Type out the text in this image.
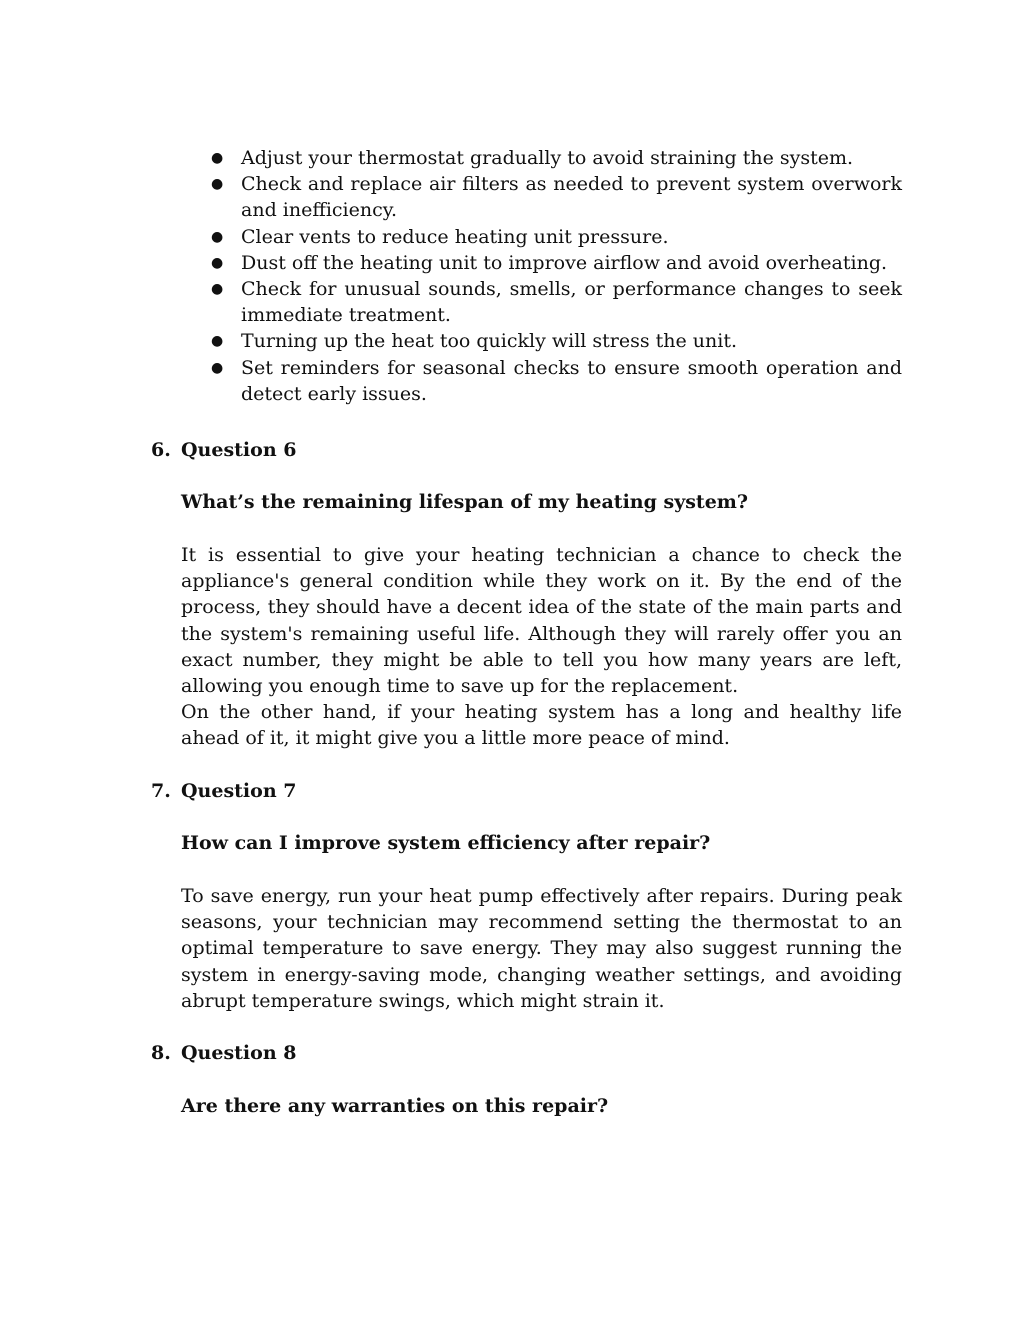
● Adjust your thermostat gradually to avoid straining the system.
● Check and replace air filters as needed to prevent system overwork and inefficiency.
● Clear vents to reduce heating unit pressure.
● Dust off the heating unit to improve airflow and avoid overheating.
● Check for unusual sounds, smells, or performance changes to seek immediate treatment.
● Turning up the heat too quickly will stress the unit.
● Set reminders for seasonal checks to ensure smooth operation and detect early issues.
6. Question 6
What’s the remaining lifespan of my heating system?

It is essential to give your heating technician a chance to check the appliance's general condition while they work on it. By the end of the process, they should have a decent idea of the state of the main parts and the system's remaining useful life. Although they will rarely offer you an exact number, they might be able to tell you how many years are left, allowing you enough time to save up for the replacement.

On the other hand, if your heating system has a long and healthy life ahead of it, it might give you a little more peace of mind.

7. Question 7
How can I improve system efficiency after repair?

To save energy, run your heat pump effectively after repairs. During peak seasons, your technician may recommend setting the thermostat to an optimal temperature to save energy. They may also suggest running the system in energy-saving mode, changing weather settings, and avoiding abrupt temperature swings, which might strain it.

8. Question 8
Are there any warranties on this repair?
